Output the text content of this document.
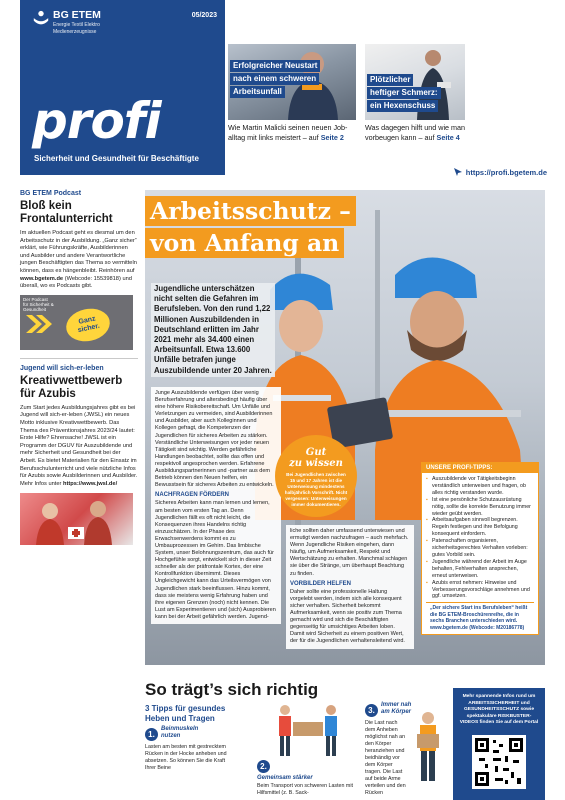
BG ETEM
Energie Textil Elektro
Medienerzeugnisse
05/2023
profi
Sicherheit und Gesundheit für Beschäftigte
Erfolgreicher Neustart
nach einem schweren
Arbeitsunfall
Wie Martin Malicki seinen neuen Job-
alltag mit links meistert – auf Seite 2
Plötzlicher
heftiger Schmerz:
ein Hexenschuss
Was dagegen hilft und wie man
vorbeugen kann – auf Seite 4
https://profi.bgetem.de
BG ETEM Podcast
Bloß kein Frontalunterricht
Im aktuellen Podcast geht es diesmal um den Arbeitsschutz in der Ausbildung. „Ganz sicher“ erklärt, wie Führungskräfte, Ausbilderinnen und Ausbilder und andere Verantwortliche jungen Beschäftigten das Thema so vermitteln können, dass es hängenbleibt. Reinhören auf www.bgetem.de (Webcode: 15539818) und überall, wo es Podcasts gibt.
Der Podcast
für Sicherheit &
Gesundheit
Ganz
sicher.
Jugend will sich-er-leben
Kreativwettbewerb für Azubis
Zum Start jedes Ausbildungsjahres gibt es bei Jugend will sich-er-leben (JWSL) ein neues Motto inklusive Kreativwettbewerb. Das Thema des Präventionsjahres 2023/24 lautet: Erste Hilfe? Ehrensache! JWSL ist ein Programm der DGUV für Auszubildende und mehr Sicherheit und Gesundheit bei der Arbeit. Es bietet Materialien für den Einsatz im Berufsschulunterricht und viele nützliche Infos für Azubis sowie Ausbilderinnen und Ausbilder. Mehr Infos unter https://www.jwsl.de/
Arbeitsschutz –
von Anfang an
Jugendliche unterschätzen nicht selten die Gefahren im Berufsleben. Von den rund 1,22 Millionen Auszubildenden in Deutschland erlitten im Jahr 2021 mehr als 34.400 einen Arbeitsunfall. Etwa 13.600 Unfälle betrafen junge Auszubildende unter 20 Jahren.

Junge Auszubildende verfügen über wenig Berufserfahrung und altersbedingt häufig über eine höhere Risikobereitschaft. Um Unfälle und Verletzungen zu vermeiden, sind Ausbilderinnen und Ausbilder, aber auch Kolleginnen und Kollegen gefragt, die Kompetenzen der Jugendlichen für sicheres Arbeiten zu stärken. Verständliche Unterweisungen vor jeder neuen Tätigkeit sind wichtig. Werden gefährliche Handlungen beobachtet, sollte das offen und respektvoll angesprochen werden. Erfahrene Ausbildungspartnerinnen und -partner aus dem Betrieb können den Neuen helfen, ein Bewusstsein für sicheres Arbeiten zu entwickeln.

NACHFRAGEN FÖRDERN

Sicheres Arbeiten kann man lernen und lernen, am besten vom ersten Tag an. Denn Jugendlichen fällt es oft nicht leicht, die Konsequenzen ihres Handelns richtig einzuschätzen. In der Phase des Erwachsenwerdens kommt es zu Umbauprozessen im Gehirn. Das limbische System, unser Belohnungszentrum, das auch für Hochgefühle sorgt, entwickelt sich in dieser Zeit schneller als der präfrontale Kortex, der eine Kontrollfunktion übernimmt. Dieses Ungleichgewicht kann das Urteilsvermögen von Jugendlichen stark beeinflussen. Hinzu kommt, dass sie meistens wenig Erfahrung haben und ihre eigenen Grenzen (noch) nicht kennen. Die Lust am Experimentieren und (sich) Ausprobieren kann bei der Arbeit gefährlich werden. Jugend-

Gut
zu wissen
Bei Jugendlichen zwischen 15 und 17 Jahren ist die Unterweisung mindestens halbjährlich Vorschrift. Nicht vergessen: Unterweisungen immer dokumentieren.

liche sollten daher umfassend unterwiesen und ermutigt werden nachzufragen – auch mehrfach. Wenn Jugendliche Risiken eingehen, dann häufig, um Aufmerksamkeit, Respekt und Wertschätzung zu erhalten. Manchmal schlagen sie über die Stränge, um überhaupt Beachtung zu finden.

VORBILDER HELFEN

Daher sollte eine professionelle Haltung vorgelebt werden, indem sich alle konsequent sicher verhalten. Sicherheit bekommt Aufmerksamkeit, wenn sie positiv zum Thema gemacht wird und sich die Beschäftigten gegenseitig für umsichtiges Arbeiten loben. Damit wird Sicherheit zu einem positiven Wert, der für die Jugendlichen verhaltensleitend wird.

UNSERE PROFI-TIPPS:
▪ Auszubildende vor Tätigkeitsbeginn verständlich unterweisen und fragen, ob alles richtig verstanden wurde.
▪ Ist eine persönliche Schutzausrüstung nötig, sollte die korrekte Benutzung immer wieder geübt werden.
▪ Arbeitsaufgaben sinnvoll begrenzen. Regeln festlegen und ihre Befolgung konsequent einfordern.
▪ Patenschaften organisieren, sicherheitsgerechtes Verhalten vorleben: gutes Vorbild sein.
▪ Jugendliche während der Arbeit im Auge behalten, Fehlverhalten ansprechen, erneut unterweisen.
▪ Azubis ernst nehmen: Hinweise und Verbesserungsvorschläge annehmen und ggf. umsetzen.
„Der sichere Start ins Berufsleben“ heißt die BG ETEM-Broschürenreihe, die in sechs Branchen unterschieden wird. www.bgetem.de (Webcode: M20186778)
So trägt’s sich richtig
3 Tipps für gesundes
Heben und Tragen
1.
Beinmuskeln
nutzen
Lasten am besten mit gestrecktem Rücken in der Hocke anheben und absetzen. So können Sie die Kraft Ihrer Beine	2.
Gemeinsam stärker
Beim Transport von schweren Lasten mit Hilfsmittel (z. B. Sack-
3.
Immer nah
am Körper
Die Last nach dem Anheben möglichst nah an den Körper heranziehen und beidhändig vor dem Körper tragen. Die Last auf beide Arme verteilen und den Rücken
Mehr spannende Infos rund um ARBEITSSICHERHEIT und GESUNDHEITSSCHUTZ sowie spektakuläre RISKBUSTER-VIDEOS finden Sie auf dem Portal
